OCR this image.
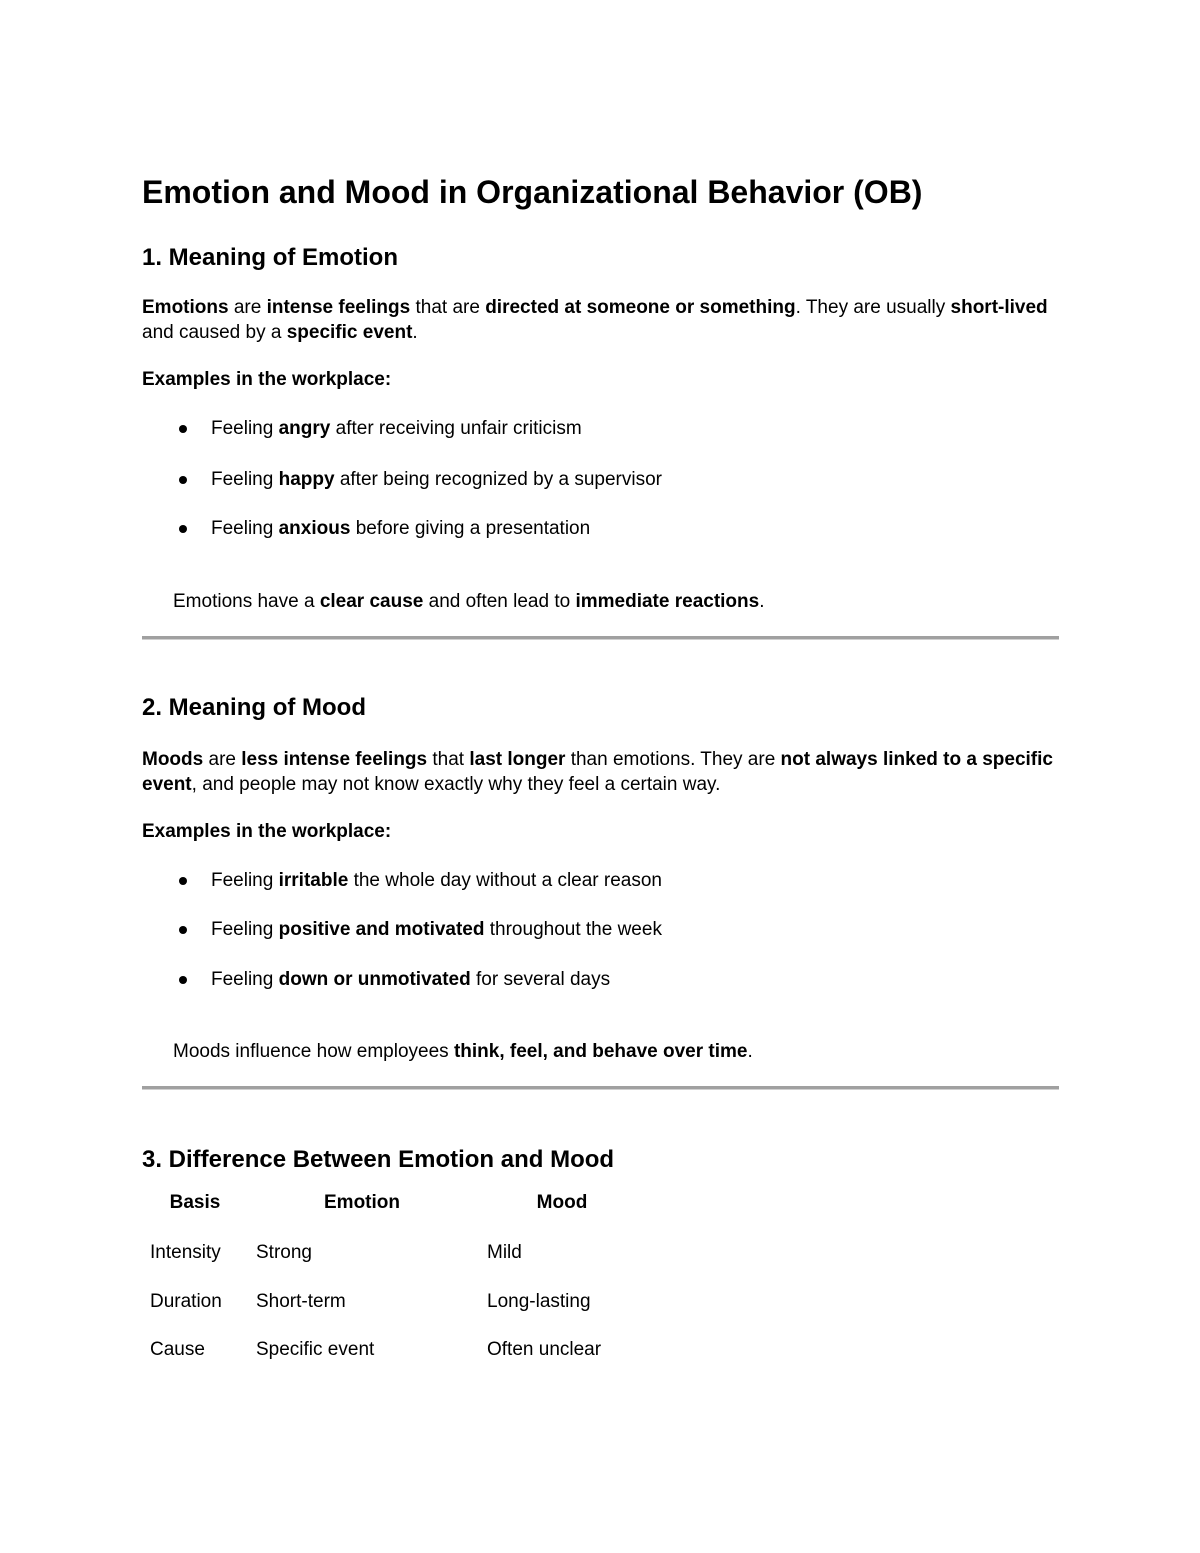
Emotion and Mood in Organizational Behavior (OB)
1. Meaning of Emotion

Emotions are intense feelings that are directed at someone or something. They are usually short-lived and caused by a specific event.

Examples in the workplace:

Feeling angry after receiving unfair criticism
Feeling happy after being recognized by a supervisor
Feeling anxious before giving a presentation

Emotions have a clear cause and often lead to immediate reactions.

2. Meaning of Mood

Moods are less intense feelings that last longer than emotions. They are not always linked to a specific event, and people may not know exactly why they feel a certain way.

Examples in the workplace:

Feeling irritable the whole day without a clear reason
Feeling positive and motivated throughout the week
Feeling down or unmotivated for several days

Moods influence how employees think, feel, and behave over time.

3. Difference Between Emotion and Mood
Basis	Emotion	Mood
Intensity Strong	Mild
Duration Short-term	Long-lasting
Cause	Specific event	Often unclear
